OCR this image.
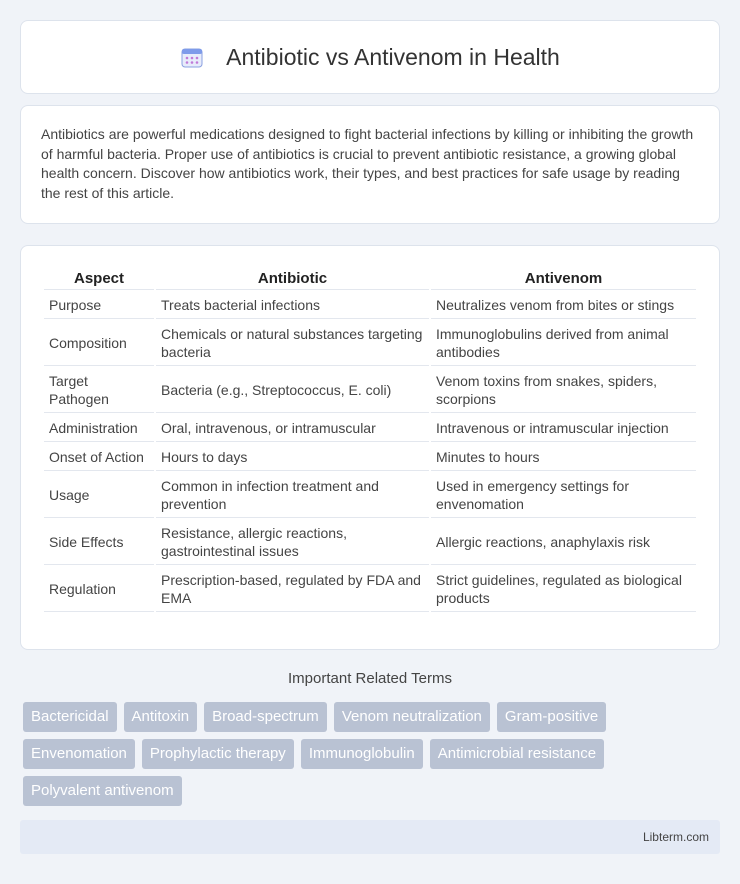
Antibiotic vs Antivenom in Health

Antibiotics are powerful medications designed to fight bacterial infections by killing or inhibiting the growth of harmful bacteria. Proper use of antibiotics is crucial to prevent antibiotic resistance, a growing global health concern. Discover how antibiotics work, their types, and best practices for safe usage by reading the rest of this article.

Aspect	Antibiotic	Antivenom
Purpose	Treats bacterial infections	Neutralizes venom from bites or stings
Composition	Chemicals or natural substances targeting bacteria	Immunoglobulins derived from animal antibodies
Target Pathogen	Bacteria (e.g., Streptococcus, E. coli)	Venom toxins from snakes, spiders, scorpions
Administration	Oral, intravenous, or intramuscular	Intravenous or intramuscular injection
Onset of Action	Hours to days	Minutes to hours
Usage	Common in infection treatment and prevention	Used in emergency settings for envenomation
Side Effects	Resistance, allergic reactions, gastrointestinal issues	Allergic reactions, anaphylaxis risk
Regulation	Prescription-based, regulated by FDA and EMA	Strict guidelines, regulated as biological products
Important Related Terms
Bactericidal	Antitoxin	Broad-spectrum	Venom neutralization	Gram-positive
Envenomation	Prophylactic therapy	Immunoglobulin	Antimicrobial resistance
Polyvalent antivenom
Libterm.com
